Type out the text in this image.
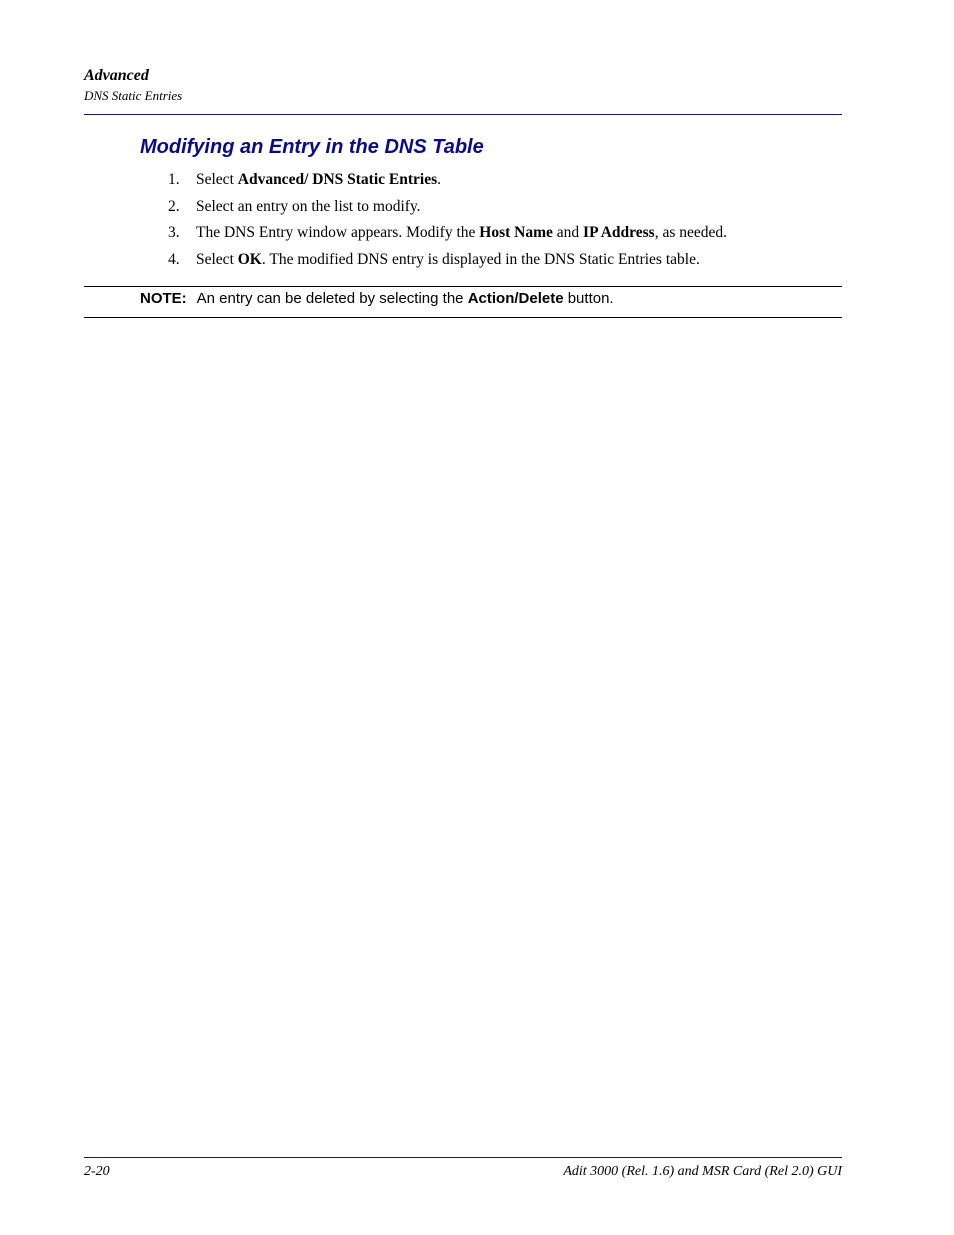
Advanced
DNS Static Entries
Modifying an Entry in the DNS Table
1.	Select Advanced/ DNS Static Entries.
2.	Select an entry on the list to modify.
3.	The DNS Entry window appears. Modify the Host Name and IP Address, as needed.
4.	Select OK. The modified DNS entry is displayed in the DNS Static Entries table.
NOTE: An entry can be deleted by selecting the Action/Delete button.
2-20	Adit 3000 (Rel. 1.6) and MSR Card (Rel 2.0) GUI
